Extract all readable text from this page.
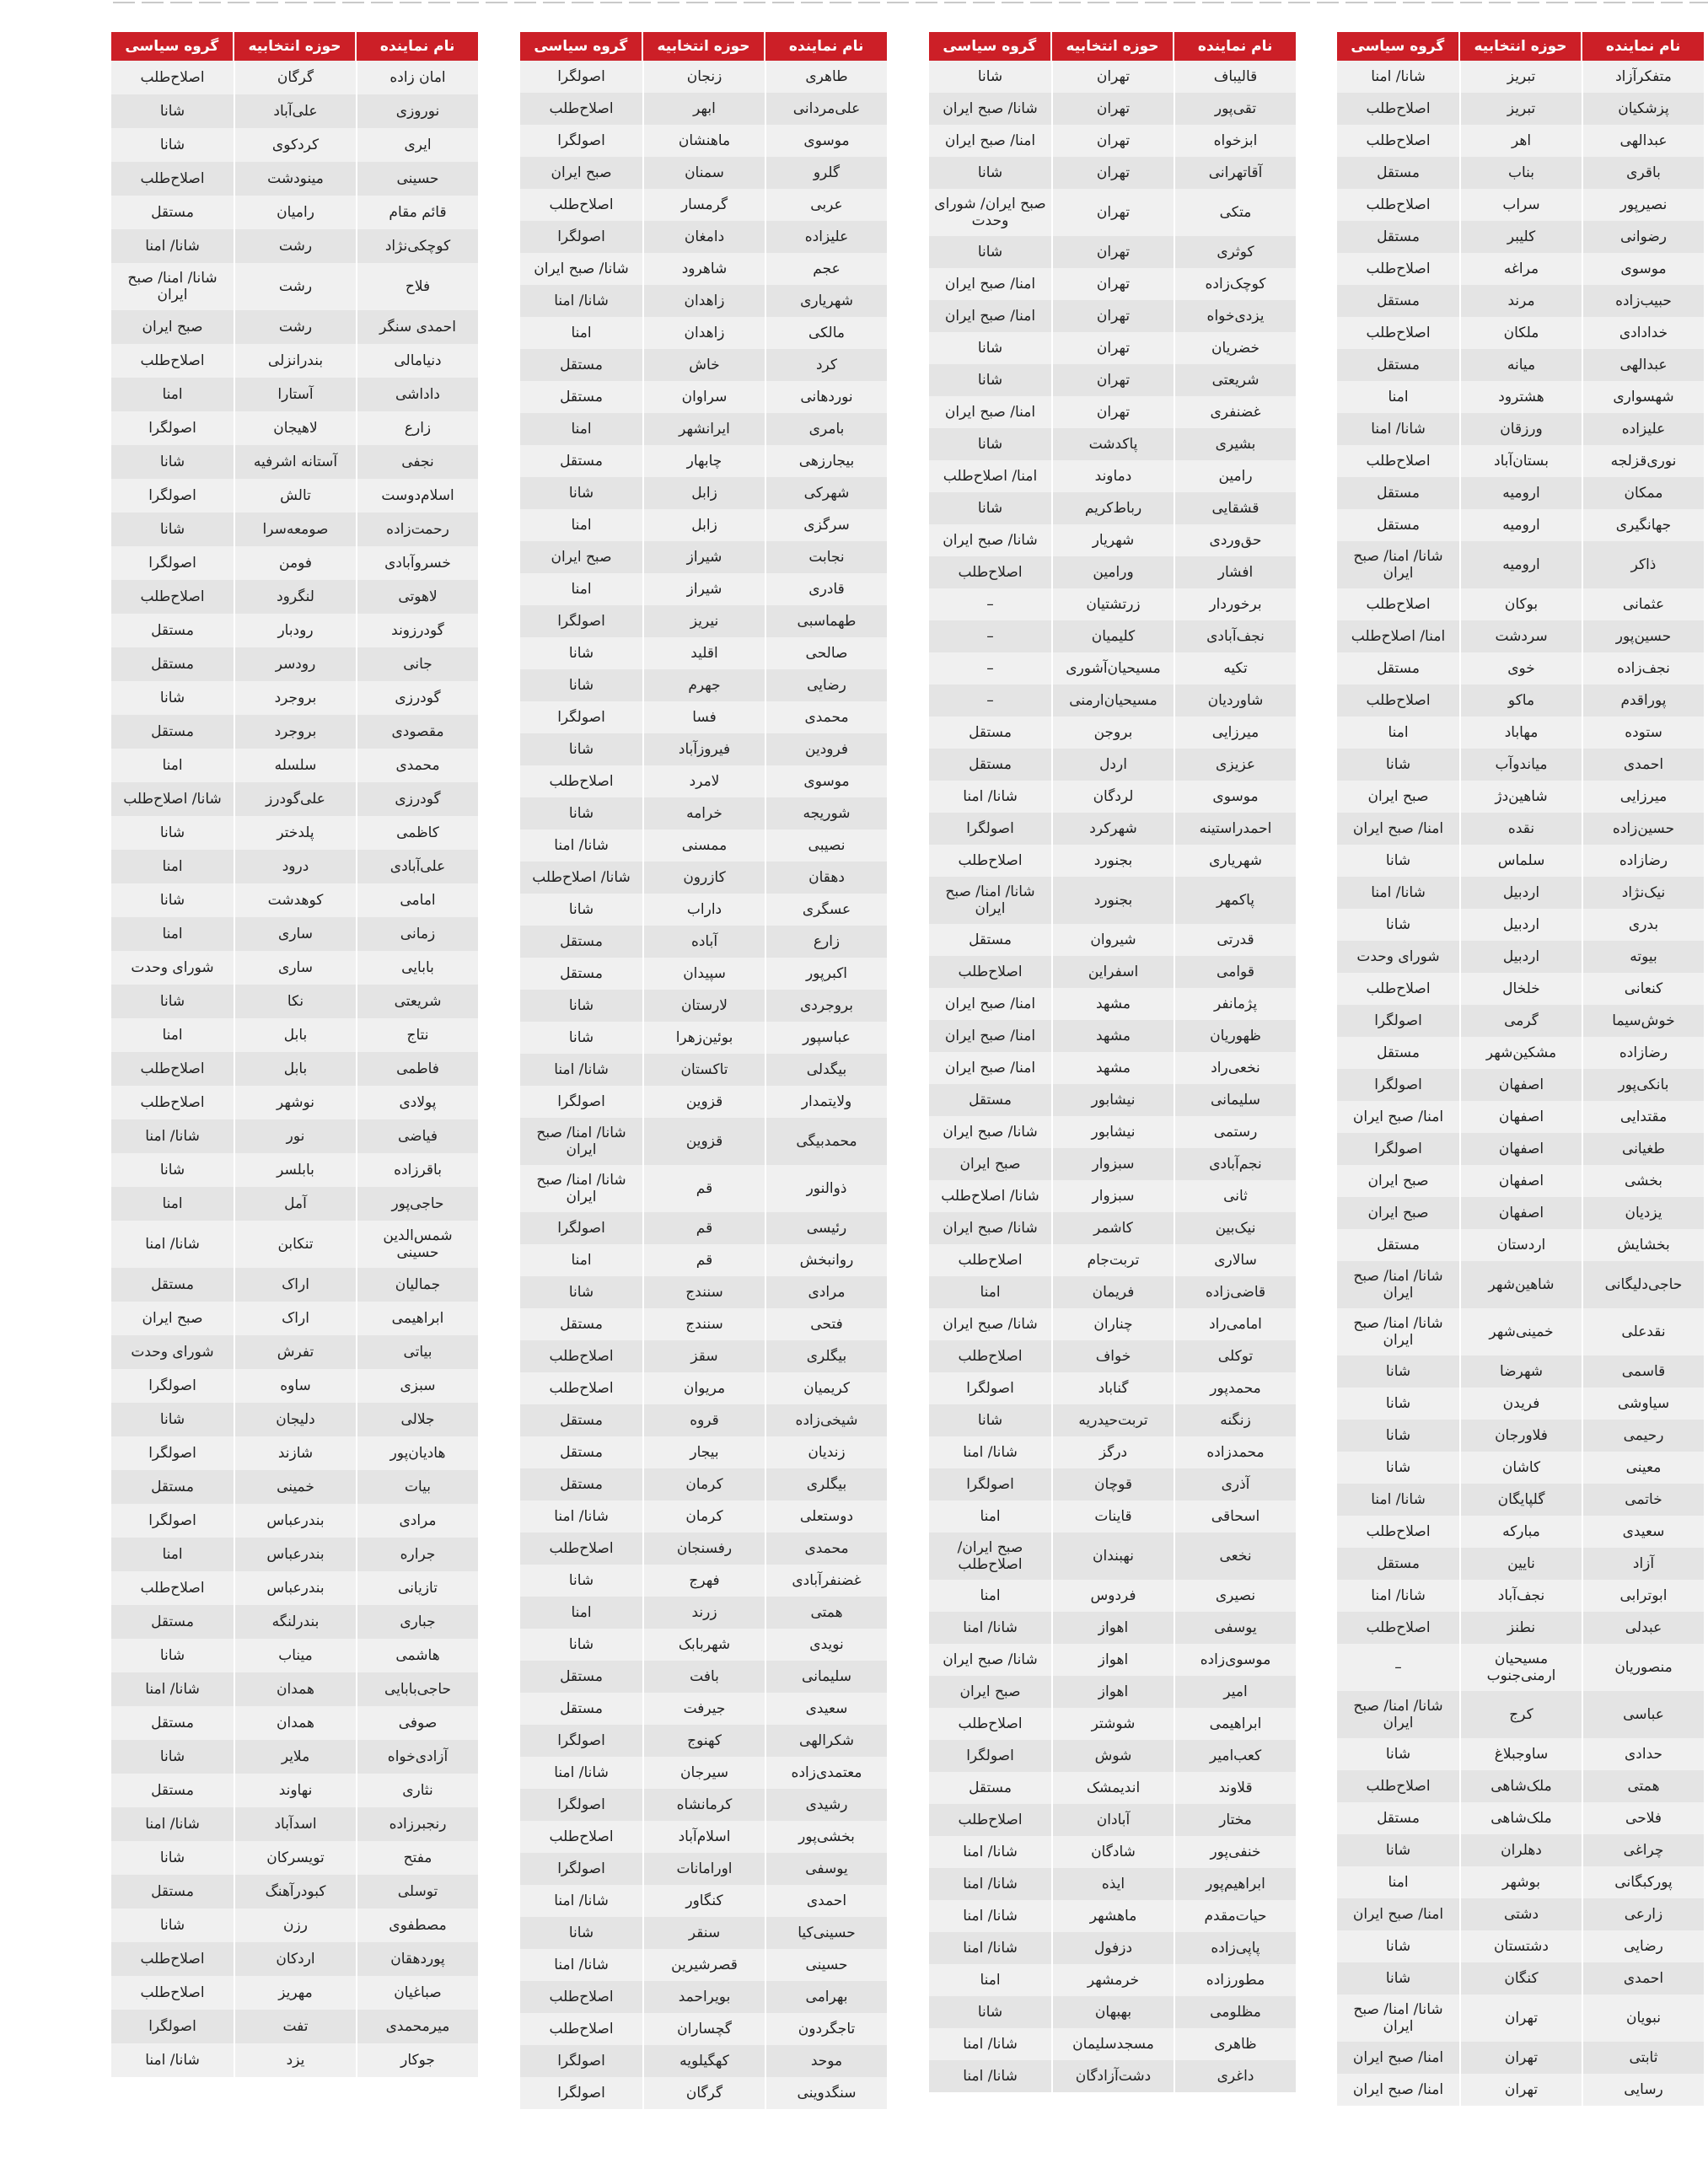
نام نماینده
حوزه انتخابیه
گروه سیاسی
متفکرآزاد
تبریز
شانا/ امنا
پزشکیان
تبریز
اصلاح‌طلب
عبدالهی
اهر
اصلاح‌طلب
باقری
بناب
مستقل
نصیرپور
سراب
اصلاح‌طلب
رضوانی
کلیبر
مستقل
موسوی
مراغه
اصلاح‌طلب
حبیب‌زاده
مرند
مستقل
خدادادی
ملکان
اصلاح‌طلب
عبدالهی
میانه
مستقل
شهسواری
هشترود
امنا
علیزاده
ورزقان
شانا/ امنا
نوری‌قزلجه
بستان‌آباد
اصلاح‌طلب
ممکان
ارومیه
مستقل
جهانگیری
ارومیه
مستقل
ذاکر
ارومیه
شانا/ امنا/ صبح ایران
عثمانی
بوکان
اصلاح‌طلب
حسین‌پور
سردشت
امنا/ اصلاح‌طلب
نجف‌زاده
خوی
مستقل
پوراقدم
ماکو
اصلاح‌طلب
ستوده
مهاباد
امنا
احمدی
میاندوآب
شانا
میرزایی
شاهین‌دژ
صبح ایران
حسین‌زاده
نقده
امنا/ صبح ایران
رضازاده
سلماس
شانا
نیک‌نژاد
اردبیل
شانا/ امنا
بدری
اردبیل
شانا
بیوته
اردبیل
شورای وحدت
کنعانی
خلخال
اصلاح‌طلب
خوش‌سیما
گرمی
اصولگرا
رضازاده
مشکین‌شهر
مستقل
بانکی‌پور
اصفهان
اصولگرا
مقتدایی
اصفهان
امنا/ صبح ایران
طغیانی
اصفهان
اصولگرا
بخشی
اصفهان
صبح ایران
یزدیان
اصفهان
صبح ایران
بخشایش
اردستان
مستقل
حاجی‌دلیگانی
شاهین‌شهر
شانا/ امنا/ صبح ایران
نقدعلی
خمینی‌شهر
شانا/ امنا/ صبح ایران
قاسمی
شهرضا
شانا
سیاوشی
فریدن
شانا
رحیمی
فلاورجان
شانا
معینی
کاشان
شانا
خاتمی
گلپایگان
شانا/ امنا
سعیدی
مبارکه
اصلاح‌طلب
آزاد
نایین
مستقل
ابوترابی
نجف‌آباد
شانا/ امنا
عبدلی
نطنز
اصلاح‌طلب
منصوریان
مسیحیان ارمنی‌جنوب
–
عباسی
کرج
شانا/ امنا/ صبح ایران
حدادی
ساوجبلاغ
شانا
همتی
ملک‌شاهی
اصلاح‌طلب
فلاحی
ملک‌شاهی
مستقل
چراغی
دهلران
شانا
پورکبگانی
بوشهر
امنا
زارعی
دشتی
امنا/ صبح ایران
رضایی
دشتستان
شانا
احمدی
کنگان
شانا
نبویان
تهران
شانا/ امنا/ صبح ایران
ثابتی
تهران
امنا/ صبح ایران
رسایی
تهران
امنا/ صبح ایران
نام نماینده
حوزه انتخابیه
گروه سیاسی
قالیباف
تهران
شانا
تقی‌پور
تهران
شانا/ صبح ایران
ابزخواه
تهران
امنا/ صبح ایران
آقاتهرانی
تهران
شانا
متکی
تهران
صبح ایران/ شورای وحدت
کوثری
تهران
شانا
کوچک‌زاده
تهران
امنا/ صبح ایران
یزدی‌خواه
تهران
امنا/ صبح ایران
خضریان
تهران
شانا
شریعتی
تهران
شانا
غضنفری
تهران
امنا/ صبح ایران
بشیری
پاکدشت
شانا
رامین
دماوند
امنا/ اصلاح‌طلب
قشقایی
رباط‌کریم
شانا
حق‌وردی
شهریار
شانا/ صبح ایران
افشار
ورامین
اصلاح‌طلب
برخوردار
زرتشتیان
–
نجف‌آبادی
کلیمیان
–
تکیه
مسیحیان‌آشوری
–
شاوردیان
مسیحیان‌ارمنی
–
میرزایی
بروجن
مستقل
عزیزی
اردل
مستقل
موسوی
لردگان
شانا/ امنا
احمدراستینه
شهرکرد
اصولگرا
شهریاری
بجنورد
اصلاح‌طلب
پاکمهر
بجنورد
شانا/ امنا/ صبح ایران
قدرتی
شیروان
مستقل
قوامی
اسفراین
اصلاح‌طلب
پژمانفر
مشهد
امنا/ صبح ایران
ظهوریان
مشهد
امنا/ صبح ایران
نخعی‌راد
مشهد
امنا/ صبح ایران
سلیمانی
نیشابور
مستقل
رستمی
نیشابور
شانا/ صبح ایران
نجم‌آبادی
سبزوار
صبح ایران
ثانی
سبزوار
شانا/ اصلاح‌طلب
نیک‌بین
کاشمر
شانا/ صبح ایران
سالاری
تربت‌جام
اصلاح‌طلب
قاضی‌زاده
فریمان
امنا
امامی‌راد
چناران
شانا/ صبح ایران
توکلی
خواف
اصلاح‌طلب
محمدپور
گناباد
اصولگرا
زنگنه
تربت‌حیدریه
شانا
محمدزاده
درگز
شانا/ امنا
آذری
قوچان
اصولگرا
اسحاقی
قاینات
امنا
نخعی
نهبندان
صبح ایران/ اصلاح‌طلب
نصیری
فردوس
امنا
یوسفی
اهواز
شانا/ امنا
موسوی‌زاده
اهواز
شانا/ صبح ایران
امیر
اهواز
صبح ایران
ابراهیمی
شوشتر
اصلاح‌طلب
کعب‌امیر
شوش
اصولگرا
قلاوند
اندیمشک
مستقل
مختار
آبادان
اصلاح‌طلب
خنفی‌پور
شادگان
شانا/ امنا
ابراهیم‌پور
ایذه
شانا/ امنا
حیات‌مقدم
ماهشهر
شانا/ امنا
پاپی‌زاده
دزفول
شانا/ امنا
مطورزاده
خرمشهر
امنا
مظلومی
بهبهان
شانا
ظاهری
مسجدسلیمان
شانا/ امنا
داغری
دشت‌آزادگان
شانا/ امنا
نام نماینده
حوزه انتخابیه
گروه سیاسی
طاهری
زنجان
اصولگرا
علی‌مردانی
ابهر
اصلاح‌طلب
موسوی
ماهنشان
اصولگرا
گلرو
سمنان
صبح ایران
عربی
گرمسار
اصلاح‌طلب
علیزاده
دامغان
اصولگرا
عجم
شاهرود
شانا/ صبح ایران
شهریاری
زاهدان
شانا/ امنا
مالکی
زاهدان
امنا
کرد
خاش
مستقل
نوردهانی
سراوان
مستقل
بامری
ایرانشهر
امنا
بیجارزهی
چابهار
مستقل
شهرکی
زابل
شانا
سرگزی
زابل
امنا
نجابت
شیراز
صبح ایران
قادری
شیراز
امنا
طهماسبی
نیریز
اصولگرا
صالحی
اقلید
شانا
رضایی
جهرم
شانا
محمدی
فسا
اصولگرا
فرودین
فیروزآباد
شانا
موسوی
لامرد
اصلاح‌طلب
شوریجه
خرامه
شانا
نصیبی
ممسنی
شانا/ امنا
دهقان
کازرون
شانا/ اصلاح‌طلب
عسگری
داراب
شانا
زارع
آباده
مستقل
اکبرپور
سپیدان
مستقل
بروجردی
لارستان
شانا
عباسپور
بوئین‌زهرا
شانا
بیگدلی
تاکستان
شانا/ امنا
ولایتمدار
قزوین
اصولگرا
محمدبیگی
قزوین
شانا/ امنا/ صبح ایران
ذوالنور
قم
شانا/ امنا/ صبح ایران
رئیسی
قم
اصولگرا
روانبخش
قم
امنا
مرادی
سنندج
شانا
فتحی
سنندج
مستقل
بیگلری
سقز
اصلاح‌طلب
کریمیان
مریوان
اصلاح‌طلب
شیخی‌زاده
قروه
مستقل
زندیان
بیجار
مستقل
بیگلری
کرمان
مستقل
دوستعلی
کرمان
شانا/ امنا
محمدی
رفسنجان
اصلاح‌طلب
غضنفرآبادی
فهرج
شانا
همتی
زرند
امنا
نویدی
شهربابک
شانا
سلیمانی
بافت
مستقل
سعیدی
جیرفت
مستقل
شکرالهی
کهنوج
اصولگرا
معتمدی‌زاده
سیرجان
شانا/ امنا
رشیدی
کرمانشاه
اصولگرا
بخشی‌پور
اسلام‌آباد
اصلاح‌طلب
یوسفی
اورامانات
اصولگرا
احمدی
کنگاور
شانا/ امنا
حسینی‌کیا
سنقر
شانا
حسینی
قصرشیرین
شانا/ امنا
بهرامی
بویراحمد
اصلاح‌طلب
تاجگردون
گچساران
اصلاح‌طلب
موحد
کهگیلویه
اصولگرا
سنگدوینی
گرگان
اصولگرا
نام نماینده
حوزه انتخابیه
گروه سیاسی
امان زاده
گرگان
اصلاح‌طلب
نوروزی
علی‌آباد
شانا
ایری
کردکوی
شانا
حسینی
مینودشت
اصلاح‌طلب
قائم مقام
رامیان
مستقل
کوچکی‌نژاد
رشت
شانا/ امنا
فلاح
رشت
شانا/ امنا/ صبح ایران
احمدی سنگر
رشت
صبح ایران
دنیامالی
بندرانزلی
اصلاح‌طلب
داداشی
آستارا
امنا
زارع
لاهیجان
اصولگرا
نجفی
آستانه اشرفیه
شانا
اسلام‌دوست
تالش
اصولگرا
رحمت‌زاده
صومعه‌سرا
شانا
خسروآبادی
فومن
اصولگرا
لاهوتی
لنگرود
اصلاح‌طلب
گودرزوند
رودبار
مستقل
جانی
رودسر
مستقل
گودرزی
بروجرد
شانا
مقصودی
بروجرد
مستقل
محمدی
سلسله
امنا
گودرزی
علی‌گودرز
شانا/ اصلاح‌طلب
کاظمی
پلدختر
شانا
علی‌آبادی
درود
امنا
امامی
کوهدشت
شانا
زمانی
ساری
امنا
بابایی
ساری
شورای وحدت
شریعتی
نکا
شانا
نتاج
بابل
امنا
فاطمی
بابل
اصلاح‌طلب
پولادی
نوشهر
اصلاح‌طلب
فیاضی
نور
شانا/ امنا
باقرزاده
بابلسر
شانا
حاجی‌پور
آمل
امنا
شمس‌الدین حسینی
تنکابن
شانا/ امنا
جمالیان
اراک
مستقل
ابراهیمی
اراک
صبح ایران
بیاتی
تفرش
شورای وحدت
سبزی
ساوه
اصولگرا
جلالی
دلیجان
شانا
هادیان‌پور
شازند
اصولگرا
بیات
خمینی
مستقل
مرادی
بندرعباس
اصولگرا
جراره
بندرعباس
امنا
تازیانی
بندرعباس
اصلاح‌طلب
جباری
بندرلنگه
مستقل
هاشمی
میناب
شانا
حاجی‌بابایی
همدان
شانا/ امنا
صوفی
همدان
مستقل
آزادی‌خواه
ملایر
شانا
نثاری
نهاوند
مستقل
رنجبرزاده
اسدآباد
شانا/ امنا
مفتح
تویسرکان
شانا
توسلی
کبودرآهنگ
مستقل
مصطفوی
رزن
شانا
پوردهقان
اردکان
اصلاح‌طلب
صباغیان
مهریز
اصلاح‌طلب
میرمحمدی
تفت
اصولگرا
جوکار
یزد
شانا/ امنا
